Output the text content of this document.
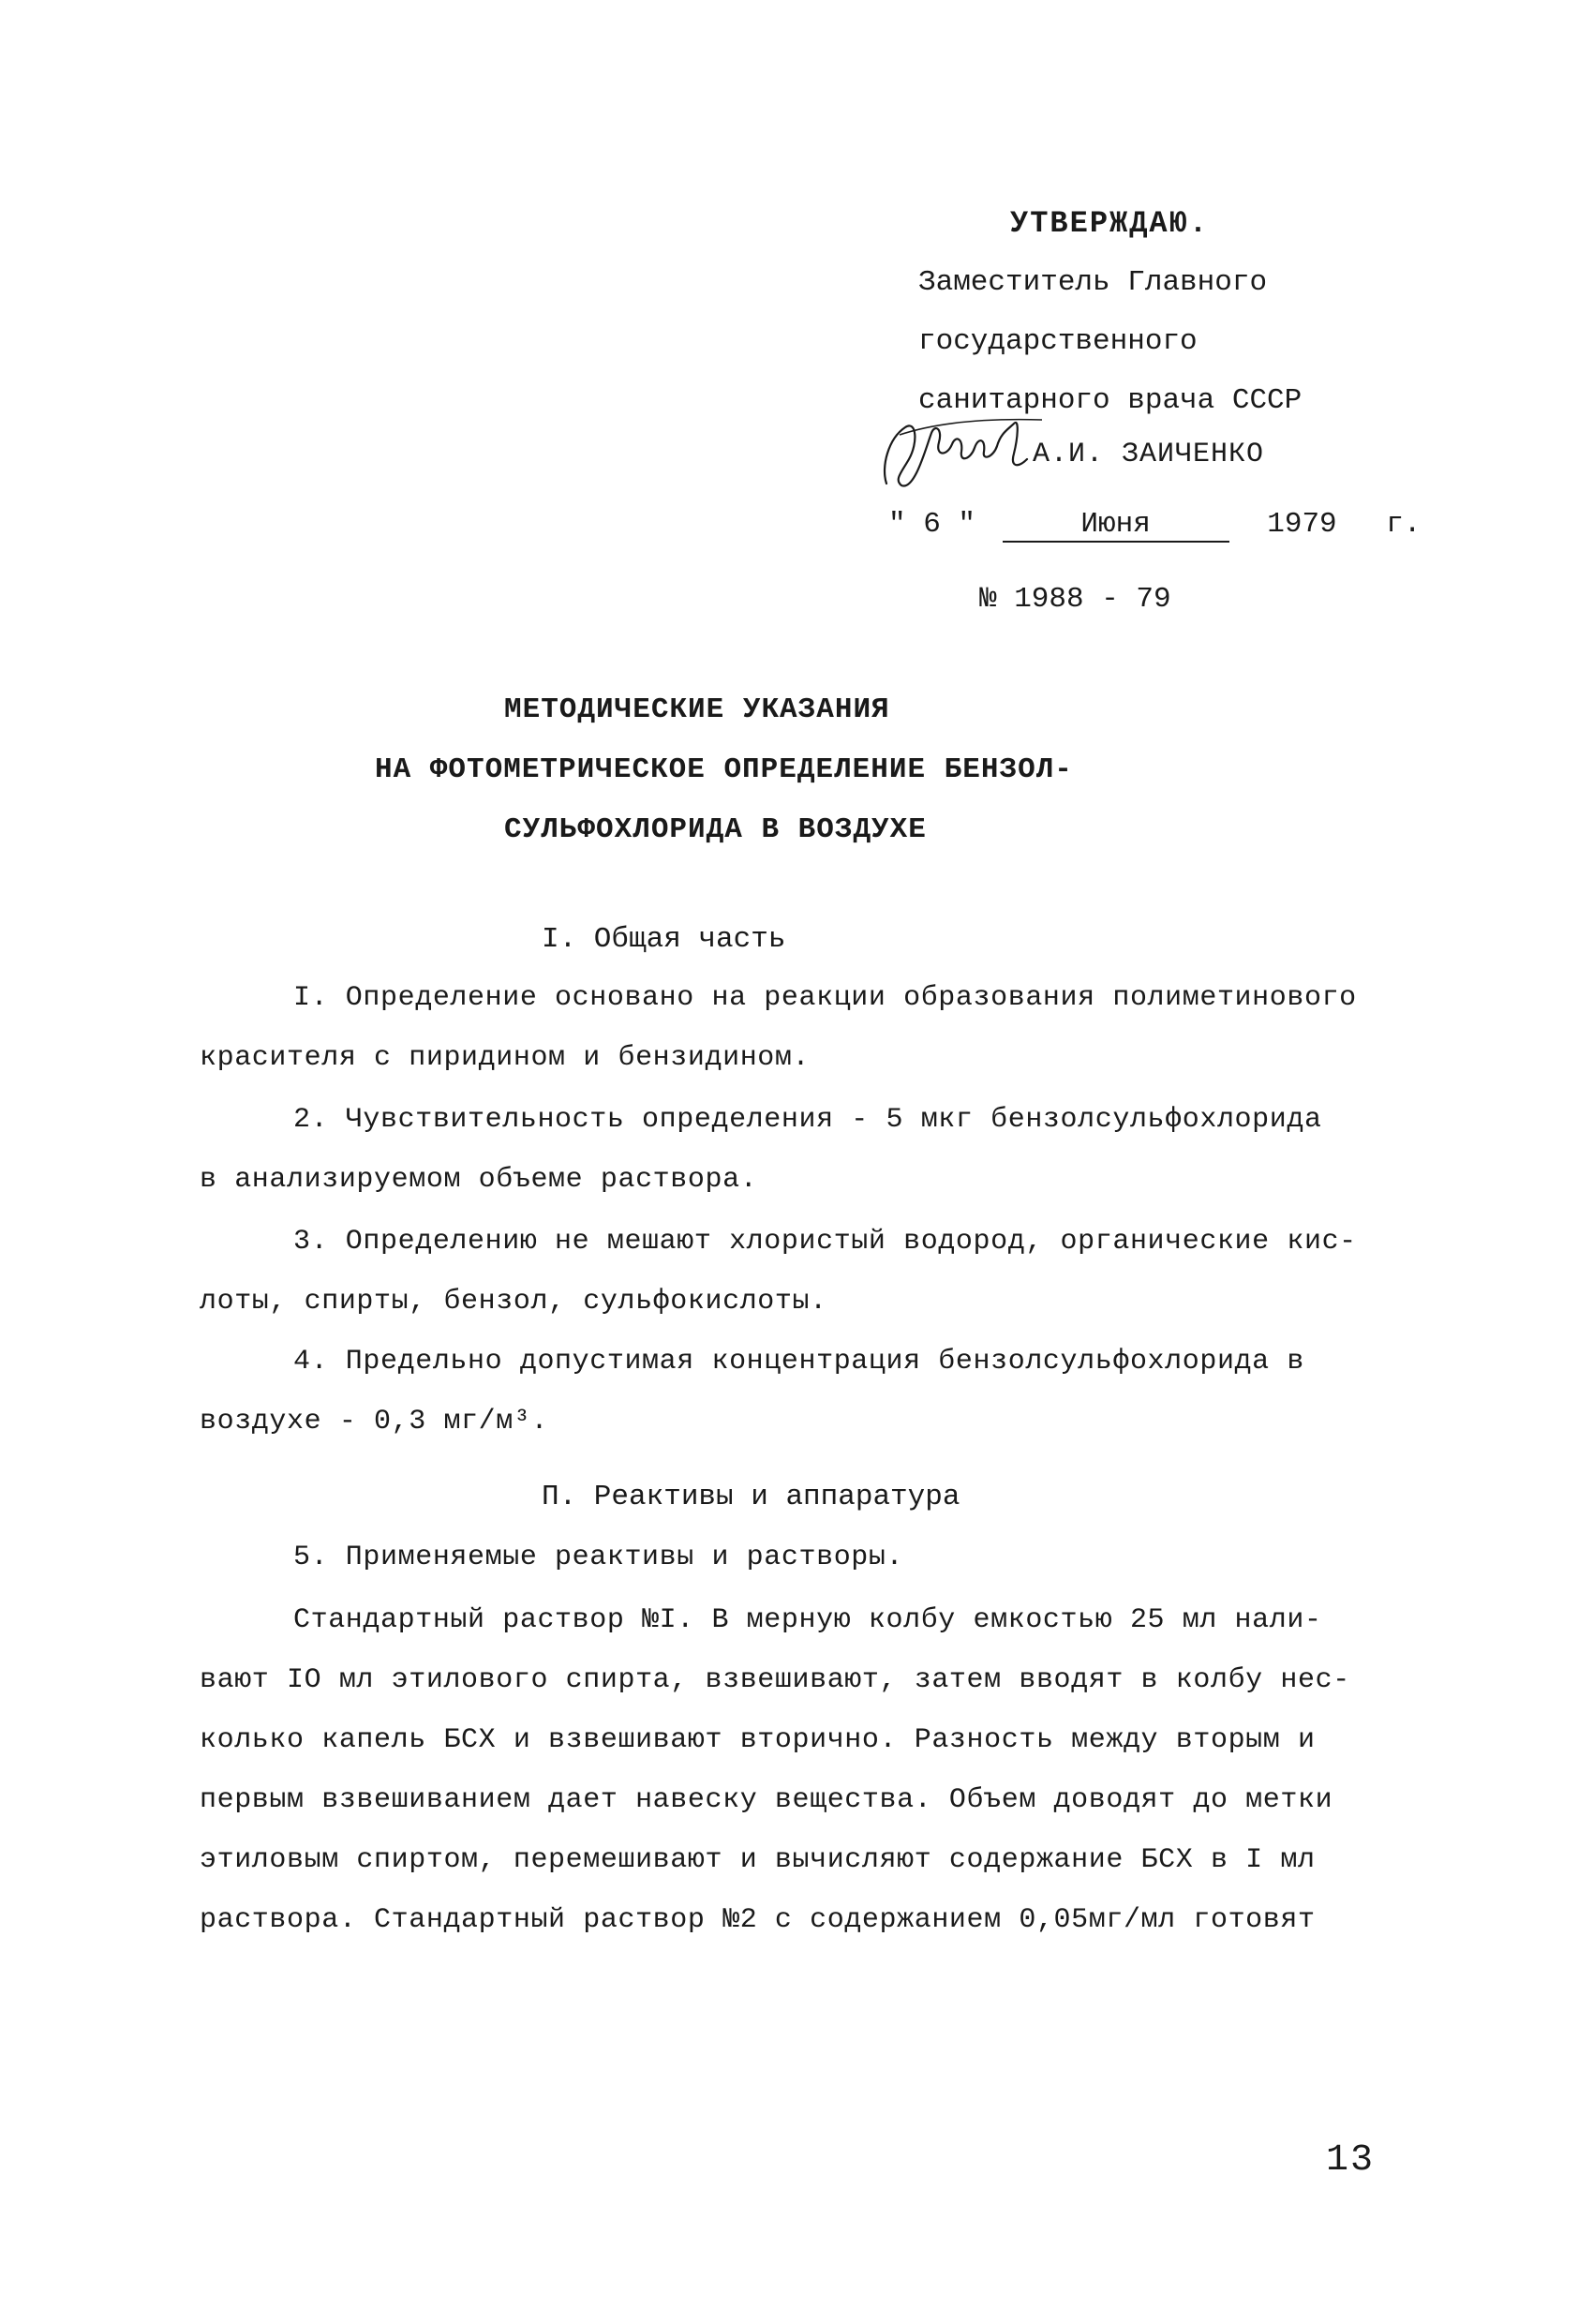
УТВЕРЖДАЮ.
Заместитель Главного
государственного
санитарного врача СССР
А.И. ЗАИЧЕНКО
" 6 "	Июня	1979 г.
№ 1988 - 79
МЕТОДИЧЕСКИЕ УКАЗАНИЯ
НА ФОТОМЕТРИЧЕСКОЕ ОПРЕДЕЛЕНИЕ БЕНЗОЛ-
СУЛЬФОХЛОРИДА В ВОЗДУХЕ
I. Общая часть
I. Определение основано на реакции образования полиметинового
красителя с пиридином и бензидином.
2. Чувствительность определения - 5 мкг бензолсульфохлорида
в анализируемом объеме раствора.
3. Определению не мешают хлористый водород, органические кис-
лоты, спирты, бензол, сульфокислоты.
4. Предельно допустимая концентрация бензолсульфохлорида в
воздухе - 0,3 мг/м³.
П. Реактивы и аппаратура
5. Применяемые реактивы и растворы.
Стандартный раствор №I. В мерную колбу емкостью 25 мл нали-
вают IO мл этилового спирта, взвешивают, затем вводят в колбу нес-
колько капель БСХ и взвешивают вторично. Разность между вторым и
первым взвешиванием дает навеску вещества. Объем доводят до метки
этиловым спиртом, перемешивают и вычисляют содержание БСХ в I мл
раствора. Стандартный раствор №2 с содержанием 0,05мг/мл готовят
13
